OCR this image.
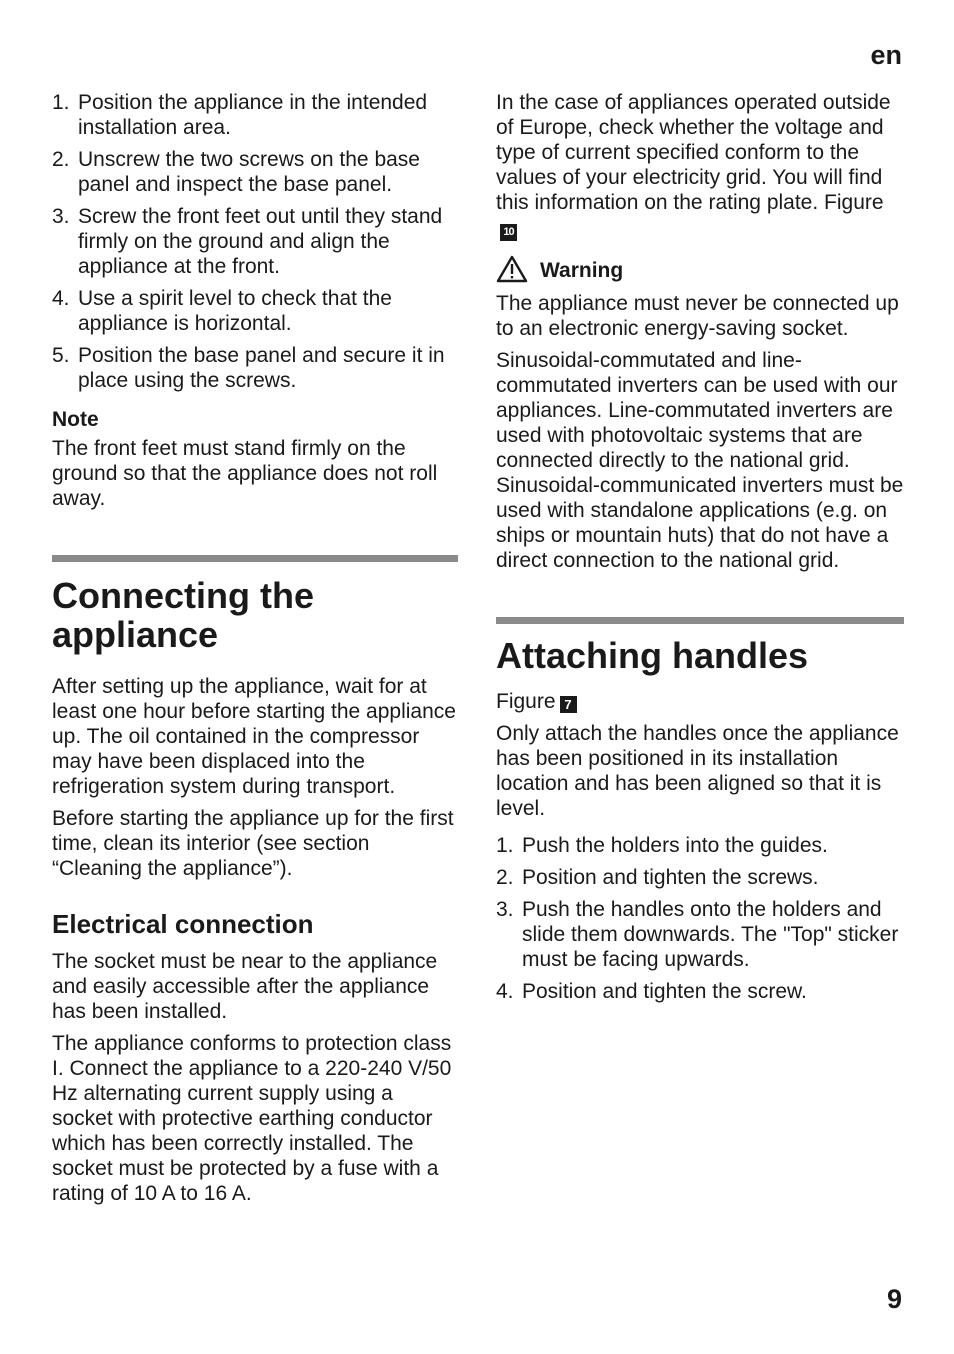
en
1. Position the appliance in the intended installation area.
2. Unscrew the two screws on the base panel and inspect the base panel.
3. Screw the front feet out until they stand firmly on the ground and align the appliance at the front.
4. Use a spirit level to check that the appliance is horizontal.
5. Position the base panel and secure it in place using the screws.
Note

The front feet must stand firmly on the ground so that the appliance does not roll away.

Connecting the appliance

After setting up the appliance, wait for at least one hour before starting the appliance up. The oil contained in the compressor may have been displaced into the refrigeration system during transport.

Before starting the appliance up for the first time, clean its interior (see section “Cleaning the appliance”).

Electrical connection

The socket must be near to the appliance and easily accessible after the appliance has been installed.

The appliance conforms to protection class I. Connect the appliance to a 220-240 V/50 Hz alternating current supply using a socket with protective earthing conductor which has been correctly installed. The socket must be protected by a fuse with a rating of 10 A to 16 A.

In the case of appliances operated outside of Europe, check whether the voltage and type of current specified conform to the values of your electricity grid. You will find this information on the rating plate. Figure10

Warning

The appliance must never be connected up to an electronic energy-saving socket.

Sinusoidal-commutated and line-commutated inverters can be used with our appliances. Line-commutated inverters are used with photovoltaic systems that are connected directly to the national grid. Sinusoidal-communicated inverters must be used with standalone applications (e.g. on ships or mountain huts) that do not have a direct connection to the national grid.

Attaching handles

Figure 7

Only attach the handles once the appliance has been positioned in its installation location and has been aligned so that it is level.

1. Push the holders into the guides.
2. Position and tighten the screws.
3. Push the handles onto the holders and slide them downwards. The "Top" sticker must be facing upwards.
4. Position and tighten the screw.
9
